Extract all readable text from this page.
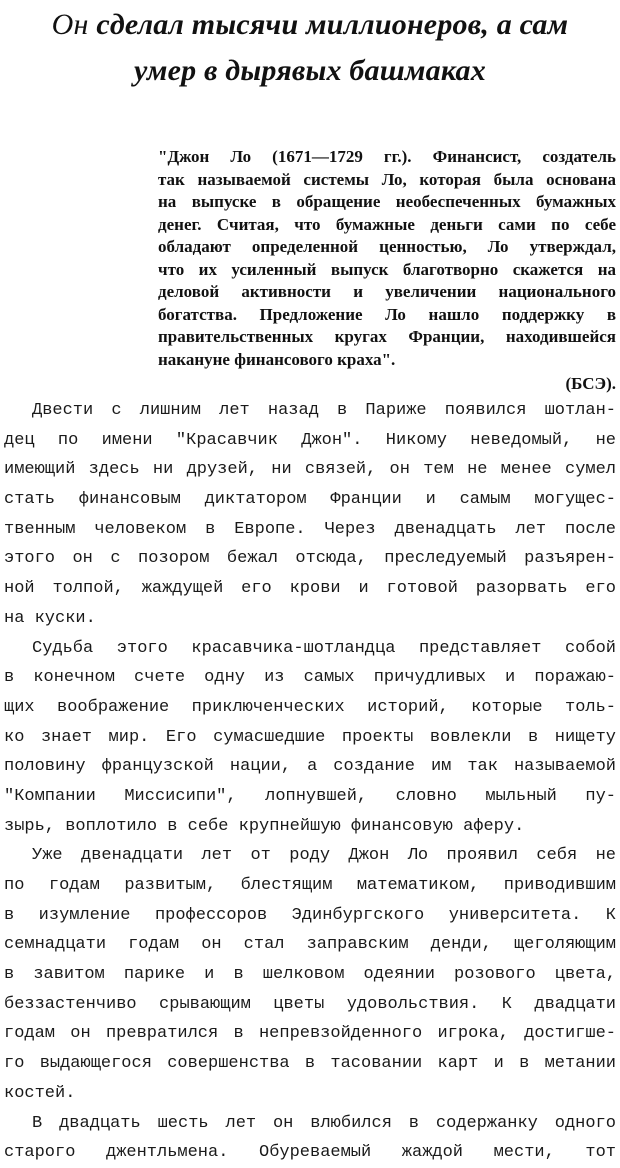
Он сделал тысячи миллионеров, а сам
умер в дырявых башмаках
"Джон Ло (1671—1729 гг.). Финансист, создатель
так называемой системы Ло, которая была основана
на выпуске в обращение необеспеченных бумажных
денег. Считая, что бумажные деньги сами по себе
обладают определенной ценностью, Ло утверждал,
что их усиленный выпуск благотворно скажется на
деловой активности и увеличении национального
богатства. Предложение Ло нашло поддержку в
правительственных кругах Франции, находившейся
накануне финансового краха".
(БСЭ).
Двести с лишним лет назад в Париже появился шотлан-
дец по имени "Красавчик Джон". Никому неведомый, не
имеющий здесь ни друзей, ни связей, он тем не менее сумел
стать финансовым диктатором Франции и самым могущес-
твенным человеком в Европе. Через двенадцать лет после
этого он с позором бежал отсюда, преследуемый разъярен-
ной толпой, жаждущей его крови и готовой разорвать его
на куски.
Судьба этого красавчика-шотландца представляет собой
в конечном счете одну из самых причудливых и поражаю-
щих воображение приключенческих историй, которые толь-
ко знает мир. Его сумасшедшие проекты вовлекли в нищету
половину французской нации, а создание им так называемой
"Компании Миссисипи", лопнувшей, словно мыльный пу-
зырь, воплотило в себе крупнейшую финансовую аферу.
Уже двенадцати лет от роду Джон Ло проявил себя не
по годам развитым, блестящим математиком, приводившим
в изумление профессоров Эдинбургского университета. К
семнадцати годам он стал заправским денди, щеголяющим
в завитом парике и в шелковом одеянии розового цвета,
беззастенчиво срывающим цветы удовольствия. К двадцати
годам он превратился в непревзойденного игрока, достигше-
го выдающегося совершенства в тасовании карт и в метании
костей.
В двадцать шесть лет он влюбился в содержанку одного
старого джентльмена. Обуреваемый жаждой мести, тот
